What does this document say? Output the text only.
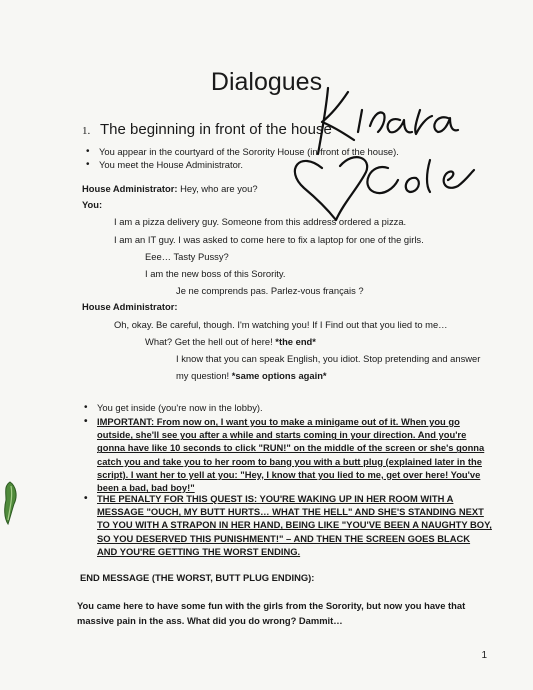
Dialogues
1. The beginning in front of the house
• You appear in the courtyard of the Sorority House (in front of the house).
• You meet the House Administrator.
House Administrator: Hey, who are you?
You:
I am a pizza delivery guy. Someone from this address ordered a pizza.
I am an IT guy. I was asked to come here to fix a laptop for one of the girls.
Eee… Tasty Pussy?
I am the new boss of this Sorority.
Je ne comprends pas. Parlez-vous français ?
House Administrator:
Oh, okay. Be careful, though. I'm watching you! If I Find out that you lied to me…
What? Get the hell out of here! *the end*
I know that you can speak English, you idiot. Stop pretending and answer
my question! *same options again*
• You get inside (you're now in the lobby).
• IMPORTANT: From now on, I want you to make a minigame out of it. When you go outside, she'll see you after a while and starts coming in your direction. And you're gonna have like 10 seconds to click "RUN!" on the middle of the screen or she's gonna catch you and take you to her room to bang you with a butt plug (explained later in the script). I want her to yell at you: "Hey, I know that you lied to me, get over here! You've been a bad, bad boy!"
• THE PENALTY FOR THIS QUEST IS: YOU'RE WAKING UP IN HER ROOM WITH A MESSAGE "OUCH, MY BUTT HURTS… WHAT THE HELL" AND SHE'S STANDING NEXT TO YOU WITH A STRAPON IN HER HAND, BEING LIKE "YOU'VE BEEN A NAUGHTY BOY, SO YOU DESERVED THIS PUNISHMENT!" – AND THEN THE SCREEN GOES BLACK AND YOU'RE GETTING THE WORST ENDING.
END MESSAGE (THE WORST, BUTT PLUG ENDING):
You came here to have some fun with the girls from the Sorority, but now you have that massive pain in the ass. What did you do wrong? Dammit…
1
